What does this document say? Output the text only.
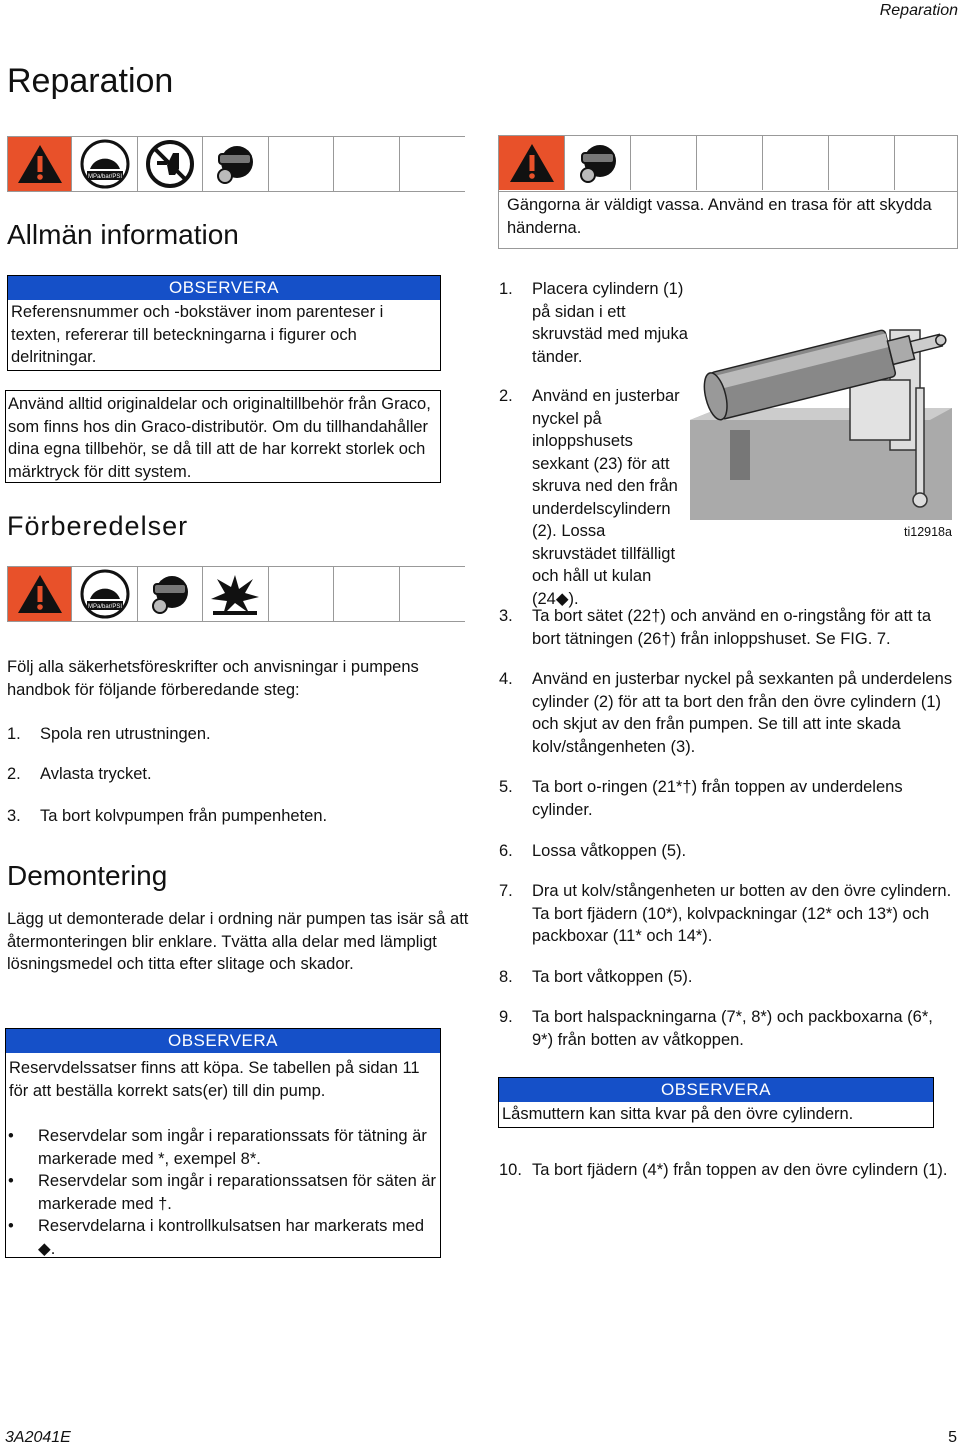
Reparation
Reparation
MPa/bar/PSI
Allmän information
OBSERVERA
Referensnummer och -bokstäver inom parenteser i texten, refererar till beteckningarna i figurer och delritningar.
Använd alltid originaldelar och originaltillbehör från Graco, som finns hos din Graco-distributör. Om du tillhandahåller dina egna tillbehör, se då till att de har korrekt storlek och märktryck för ditt system.
Förberedelser
MPa/bar/PSI
Följ alla säkerhetsföreskrifter och anvisningar i pumpens handbok för följande förberedande steg:
1.	Spola ren utrustningen.
2.	Avlasta trycket.
3.	Ta bort kolvpumpen från pumpenheten.
Demontering
Lägg ut demonterade delar i ordning när pumpen tas isär så att återmonteringen blir enklare. Tvätta alla delar med lämpligt lösningsmedel och titta efter slitage och skador.
OBSERVERA
Reservdelssatser finns att köpa. Se tabellen på sidan 11 för att beställa korrekt sats(er) till din pump.
•	Reservdelar som ingår i reparationssats för tätning är markerade med *, exempel 8*.
•	Reservdelar som ingår i reparationssatsen för säten är markerade med †.
•	Reservdelarna i kontrollkulsatsen har markerats med ◆.
Gängorna är väldigt vassa. Använd en trasa för att skydda händerna.
ti12918a
1.	Placera cylindern (1) på sidan i ett skruvstäd med mjuka tänder.
2.	Använd en justerbar nyckel på inloppshusets sexkant (23) för att skruva ned den från underdelscylindern (2). Lossa skruvstädet tillfälligt och håll ut kulan (24◆).
3.	Ta bort sätet (22†) och använd en o-ringstång för att ta bort tätningen (26†) från inloppshuset. Se FIG. 7.
4.	Använd en justerbar nyckel på sexkanten på underdelens cylinder (2) för att ta bort den från den övre cylindern (1) och skjut av den från pumpen. Se till att inte skada kolv/stångenheten (3).
5.	Ta bort o-ringen (21*†) från toppen av underdelens cylinder.
6.	Lossa våtkoppen (5).
7.	Dra ut kolv/stångenheten ur botten av den övre cylindern. Ta bort fjädern (10*), kolvpackningar (12* och 13*) och packboxar (11* och 14*).
8.	Ta bort våtkoppen (5).
9.	Ta bort halspackningarna (7*, 8*) och packboxarna (6*, 9*) från botten av våtkoppen.
OBSERVERA
Låsmuttern kan sitta kvar på den övre cylindern.
10. Ta bort fjädern (4*) från toppen av den övre cylindern (1).
3A2041E	5
